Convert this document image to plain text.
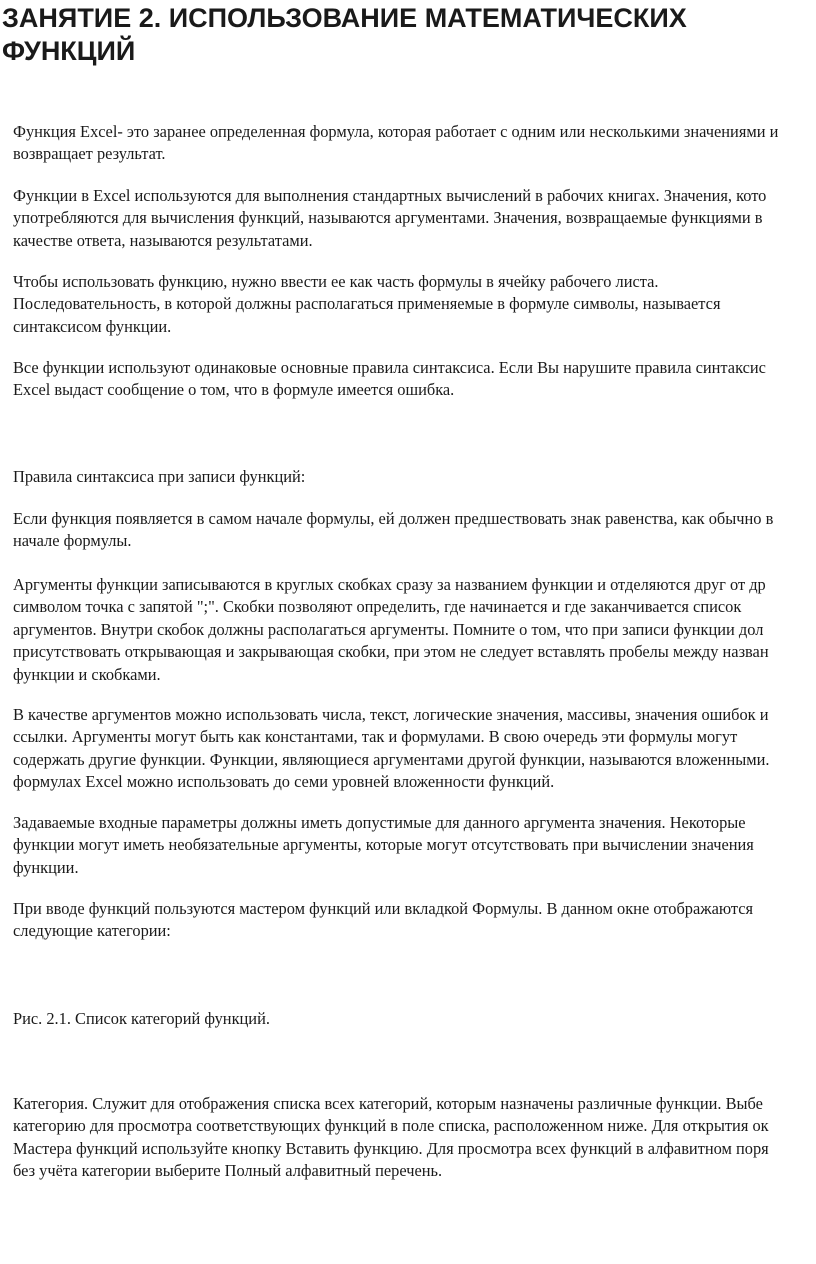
ЗАНЯТИЕ 2. ИСПОЛЬЗОВАНИЕ МАТЕМАТИЧЕСКИХ
ФУНКЦИЙ

Функция Excel- это заранее определенная формула, которая работает с одним или несколькими значениями и
возвращает результат.

Функции в Excel используются для выполнения стандартных вычислений в рабочих книгах. Значения, кото
употребляются для вычисления функций, называются аргументами. Значения, возвращаемые функциями в
качестве ответа, называются результатами.

Чтобы использовать функцию, нужно ввести ее как часть формулы в ячейку рабочего листа.
Последовательность, в которой должны располагаться применяемые в формуле символы, называется
синтаксисом функции.

Все функции используют одинаковые основные правила синтаксиса. Если Вы нарушите правила синтаксис
Excel выдаст сообщение о том, что в формуле имеется ошибка.

Правила синтаксиса при записи функций:

Если функция появляется в самом начале формулы, ей должен предшествовать знак равенства, как обычно в
начале формулы.

Аргументы функции записываются в круглых скобках сразу за названием функции и отделяются друг от др
символом точка с запятой ";". Скобки позволяют определить, где начинается и где заканчивается список
аргументов. Внутри скобок должны располагаться аргументы. Помните о том, что при записи функции дол
присутствовать открывающая и закрывающая скобки, при этом не следует вставлять пробелы между назван
функции и скобками.

В качестве аргументов можно использовать числа, текст, логические значения, массивы, значения ошибок и
ссылки. Аргументы могут быть как константами, так и формулами. В свою очередь эти формулы могут
содержать другие функции. Функции, являющиеся аргументами другой функции, называются вложенными.
формулах Excel можно использовать до семи уровней вложенности функций.

Задаваемые входные параметры должны иметь допустимые для данного аргумента значения. Некоторые
функции могут иметь необязательные аргументы, которые могут отсутствовать при вычислении значения
функции.

При вводе функций пользуются мастером функций или вкладкой Формулы. В данном окне отображаются
следующие категории:

Рис. 2.1. Список категорий функций.

Категория. Служит для отображения списка всех категорий, которым назначены различные функции. Выбе
категорию для просмотра соответствующих функций в поле списка, расположенном ниже. Для открытия ок
Мастера функций используйте кнопку Вставить функцию. Для просмотра всех функций в алфавитном поря
без учёта категории выберите Полный алфавитный перечень.
